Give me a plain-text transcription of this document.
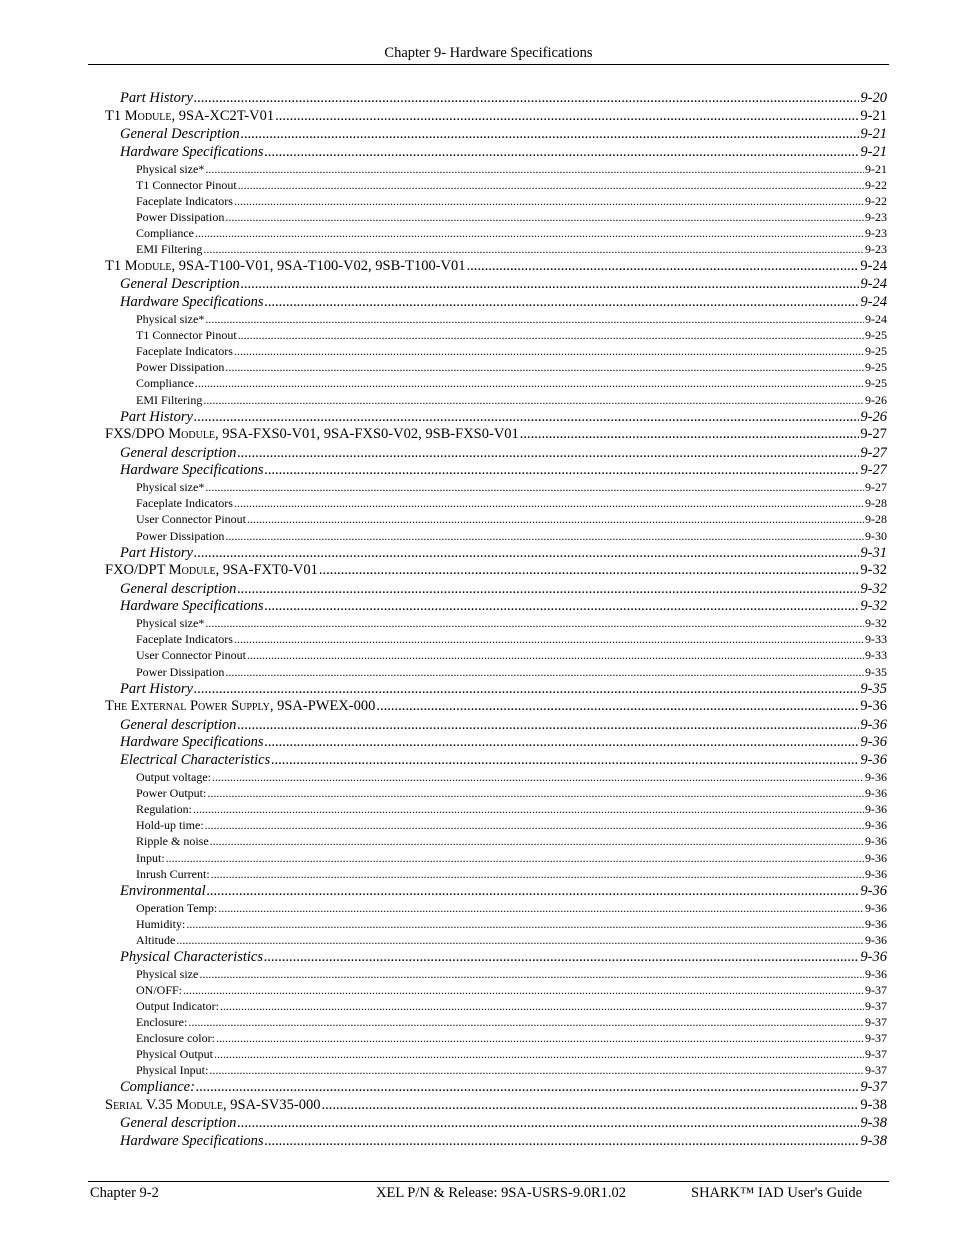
Chapter 9- Hardware Specifications
Part History .....	9-20
T1 Module, 9SA-XC2T-V01 .....	9-21
General Description .....	9-21
Hardware Specifications .....	9-21
Physical size* .....	9-21
T1 Connector Pinout .....	9-22
Faceplate Indicators .....	9-22
Power Dissipation .....	9-23
Compliance .....	9-23
EMI Filtering .....	9-23
T1 Module, 9SA-T100-V01, 9SA-T100-V02, 9SB-T100-V01 .....	9-24
General Description .....	9-24
Hardware Specifications .....	9-24
Physical size* .....	9-24
T1 Connector Pinout .....	9-25
Faceplate Indicators .....	9-25
Power Dissipation .....	9-25
Compliance .....	9-25
EMI Filtering .....	9-26
Part History .....	9-26
FXS/DPO Module, 9SA-FXS0-V01, 9SA-FXS0-V02, 9SB-FXS0-V01 .....	9-27
General description .....	9-27
Hardware Specifications .....	9-27
Physical size* .....	9-27
Faceplate Indicators .....	9-28
User Connector Pinout .....	9-28
Power Dissipation .....	9-30
Part History .....	9-31
FXO/DPT Module, 9SA-FXT0-V01 .....	9-32
General description .....	9-32
Hardware Specifications .....	9-32
Physical size* .....	9-32
Faceplate Indicators .....	9-33
User Connector Pinout .....	9-33
Power Dissipation .....	9-35
Part History .....	9-35
The External Power Supply, 9SA-PWEX-000 .....	9-36
General description .....	9-36
Hardware Specifications .....	9-36
Electrical Characteristics .....	9-36
Output voltage: .....	9-36
Power Output: .....	9-36
Regulation: .....	9-36
Hold-up time: .....	9-36
Ripple & noise .....	9-36
Input: .....	9-36
Inrush Current: .....	9-36
Environmental .....	9-36
Operation Temp: .....	9-36
Humidity: .....	9-36
Altitude .....	9-36
Physical Characteristics .....	9-36
Physical size .....	9-36
ON/OFF: .....	9-37
Output Indicator: .....	9-37
Enclosure: .....	9-37
Enclosure color: .....	9-37
Physical Output .....	9-37
Physical Input: .....	9-37
Compliance: .....	9-37
Serial V.35 Module, 9SA-SV35-000 .....	9-38
General description .....	9-38
Hardware Specifications .....	9-38
Chapter 9-2	XEL P/N & Release: 9SA-USRS-9.0R1.02	SHARK™ IAD User's Guide
